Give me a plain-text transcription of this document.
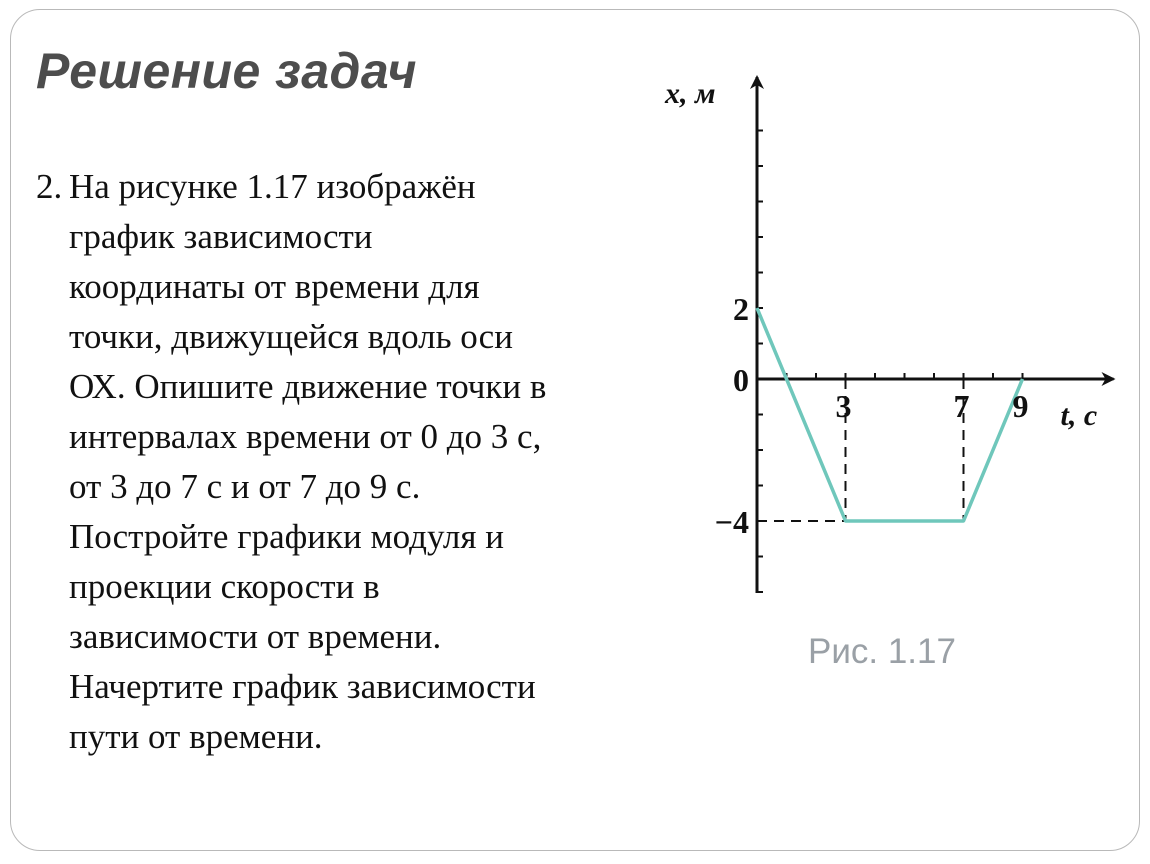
Решение задач
2. На рисунке 1.17 изображён
график зависимости
координаты от времени для
точки, движущейся вдоль оси
ОХ. Опишите движение точки в
интервалах времени от 0 до 3 с,
от 3 до 7 с и от 7 до 9 с.
Постройте графики модуля и
проекции скорости в
зависимости от времени.
Начертите график зависимости
пути от времени.
3	7 9
2
0
−4
x, м
t, с
Рис. 1.17
